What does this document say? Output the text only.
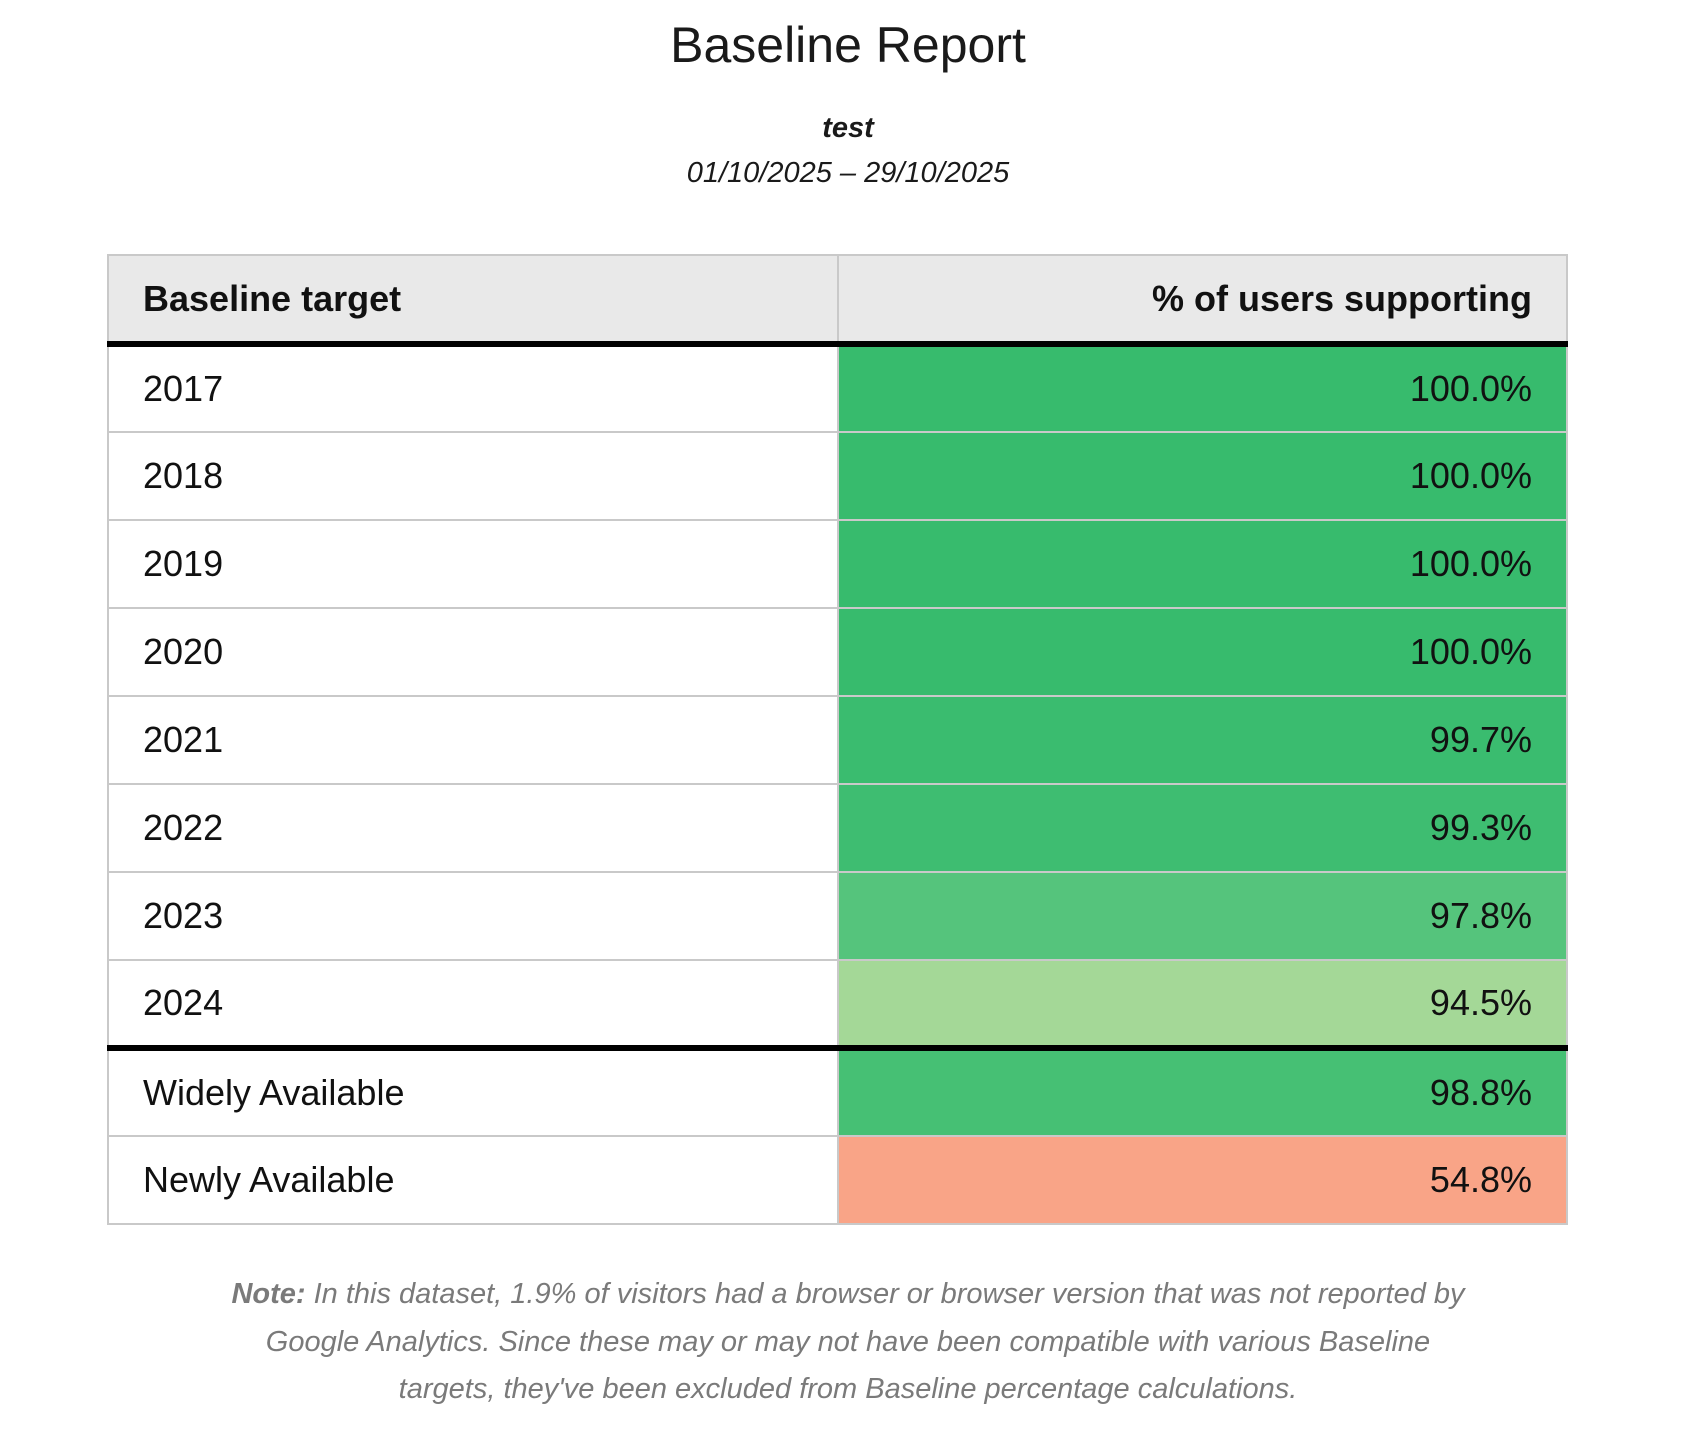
Baseline Report

test

01/10/2025 – 29/10/2025

Baseline target	% of users supporting
2017	100.0%
2018	100.0%
2019	100.0%
2020	100.0%
2021	99.7%
2022	99.3%
2023	97.8%
2024	94.5%
Widely Available	98.8%
Newly Available	54.8%

Note: In this dataset, 1.9% of visitors had a browser or browser version that was not reported by Google Analytics. Since these may or may not have been compatible with various Baseline targets, they've been excluded from Baseline percentage calculations.
